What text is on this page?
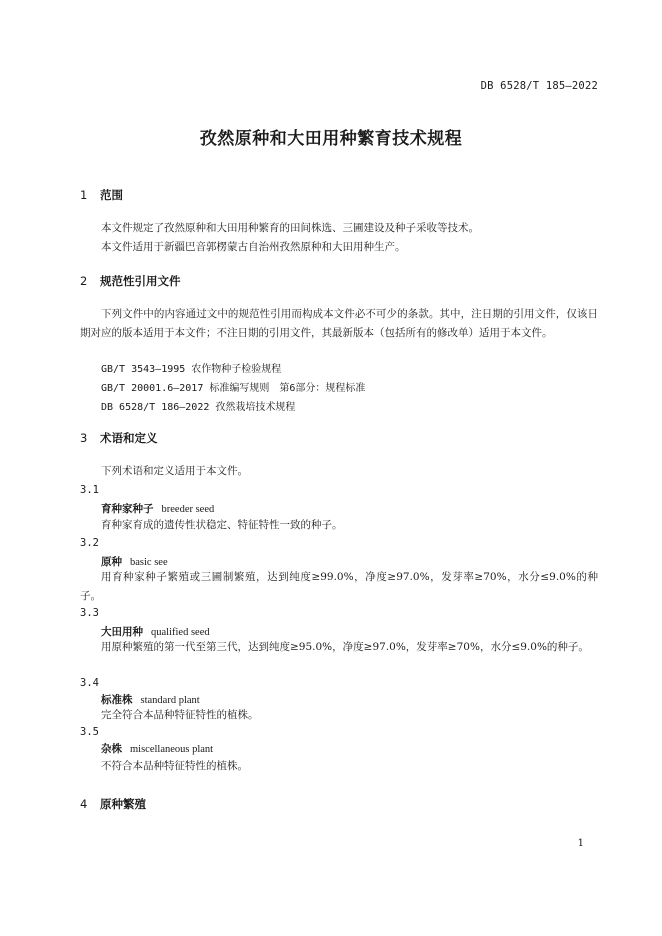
DB 6528/T 185—2022
孜然原种和大田用种繁育技术规程
1 范围
本文件规定了孜然原种和大田用种繁育的田间株选、三圃建设及种子采收等技术。
本文件适用于新疆巴音郭楞蒙古自治州孜然原种和大田用种生产。
2 规范性引用文件
下列文件中的内容通过文中的规范性引用而构成本文件必不可少的条款。其中，注日期的引用文件，仅该日期对应的版本适用于本文件；不注日期的引用文件，其最新版本（包括所有的修改单）适用于本文件。
GB/T 3543—1995 农作物种子检验规程
GB/T 20001.6—2017 标准编写规则　第6部分：规程标准
DB 6528/T 186—2022 孜然栽培技术规程
3 术语和定义
下列术语和定义适用于本文件。
3.1
育种家种子 breeder seed
育种家育成的遗传性状稳定、特征特性一致的种子。
3.2
原种 basic see
用育种家种子繁殖或三圃制繁殖，达到纯度≥99.0%，净度≥97.0%，发芽率≥70%，水分≤9.0%的种子。
3.3
大田用种 qualified seed
用原种繁殖的第一代至第三代，达到纯度≥95.0%，净度≥97.0%，发芽率≥70%，水分≤9.0%的种子。
3.4
标准株 standard plant
完全符合本品种特征特性的植株。
3.5
杂株 miscellaneous plant
不符合本品种特征特性的植株。
4 原种繁殖
1
